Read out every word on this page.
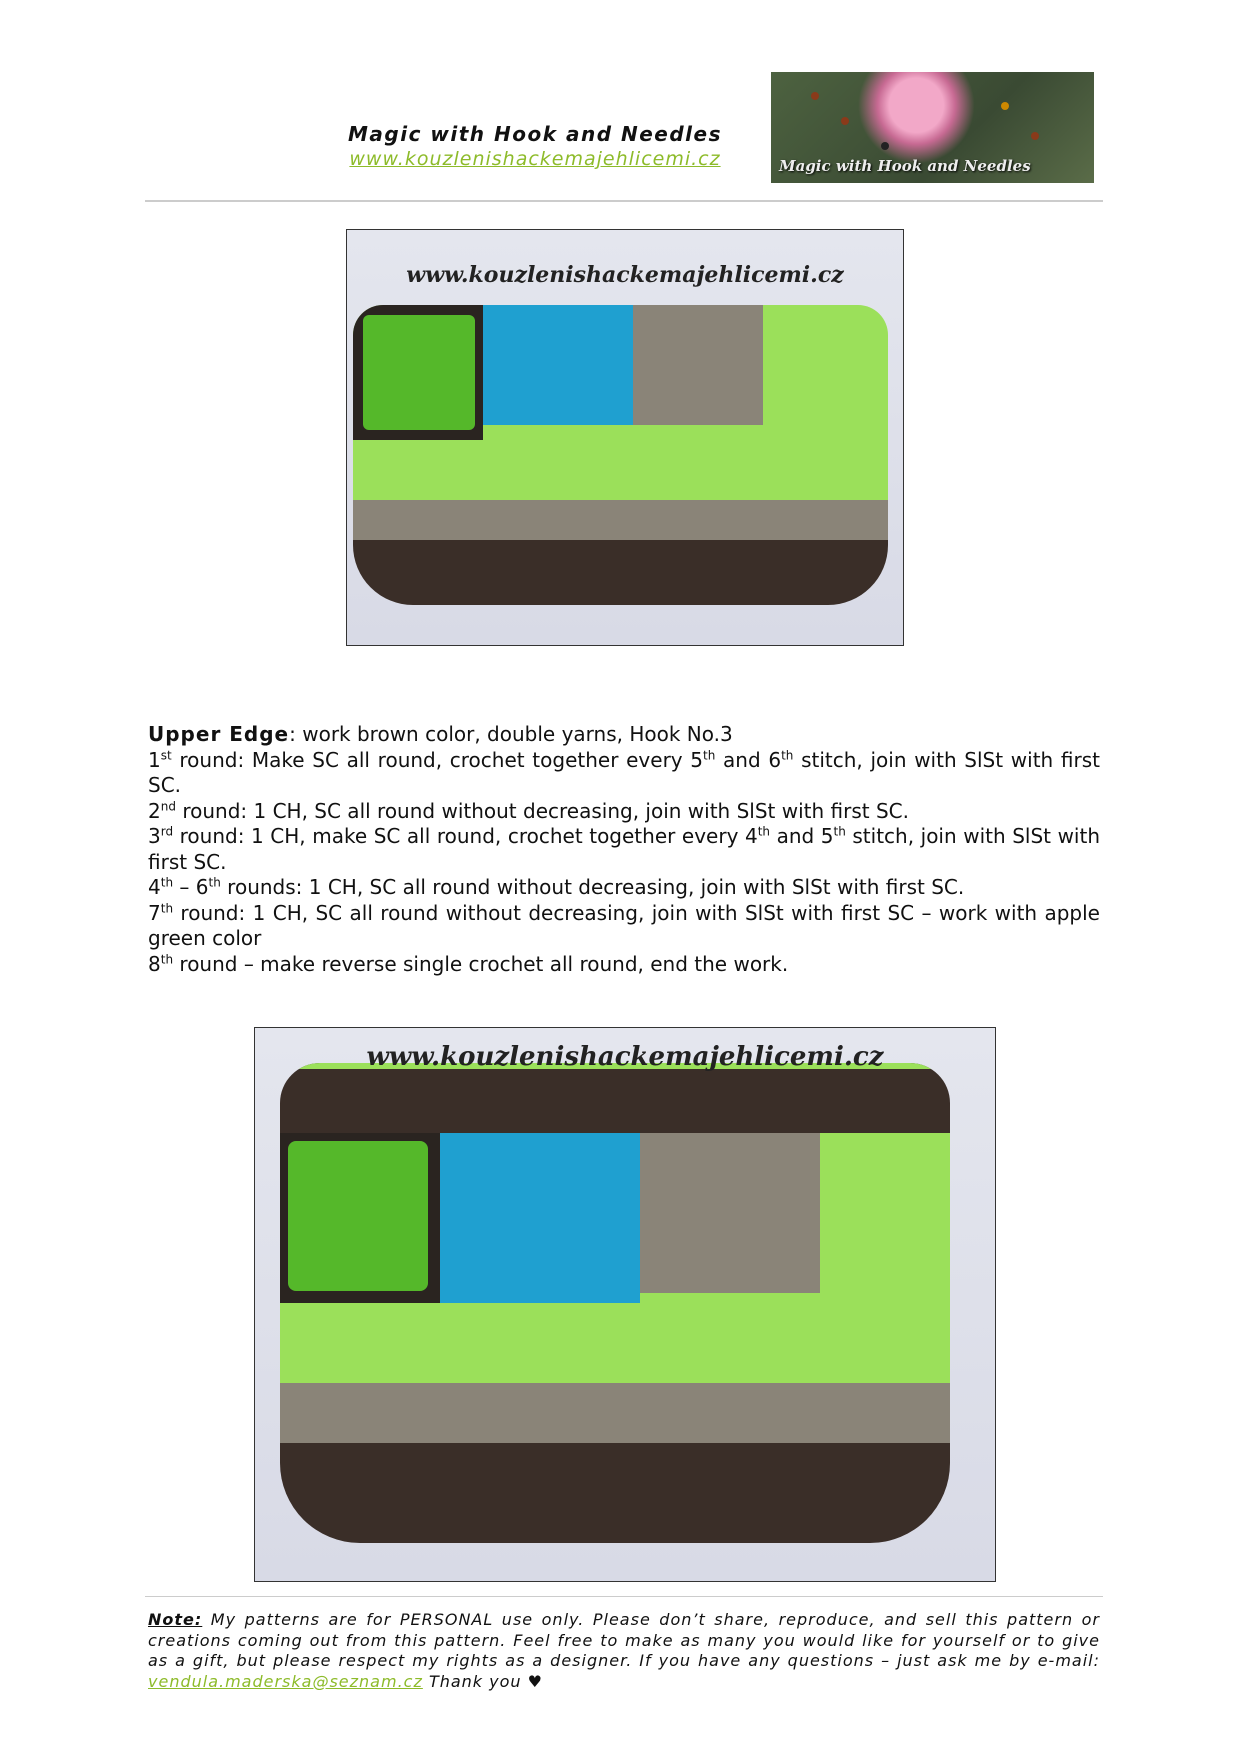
Magic with Hook and Needles
www.kouzlenishackemajehlicemi.cz	Magic with Hook and Needles
www.kouzlenishackemajehlicemi.cz

Upper Edge: work brown color, double yarns, Hook No.3

1st round: Make SC all round, crochet together every 5th and 6th stitch, join with SlSt with first SC.

2nd round: 1 CH, SC all round without decreasing, join with SlSt with first SC.

3rd round: 1 CH, make SC all round, crochet together every 4th and 5th stitch, join with SlSt with first SC.

4th – 6th rounds: 1 CH, SC all round without decreasing, join with SlSt with first SC.

7th round: 1 CH, SC all round without decreasing, join with SlSt with first SC – work with apple green color

8th round – make reverse single crochet all round, end the work.

www.kouzlenishackemajehlicemi.cz
Note: My patterns are for PERSONAL use only. Please don’t share, reproduce, and sell this pattern or creations coming out from this pattern. Feel free to make as many you would like for yourself or to give as a gift, but please respect my rights as a designer. If you have any questions – just ask me by e-mail: vendula.maderska@seznam.cz Thank you ♥
